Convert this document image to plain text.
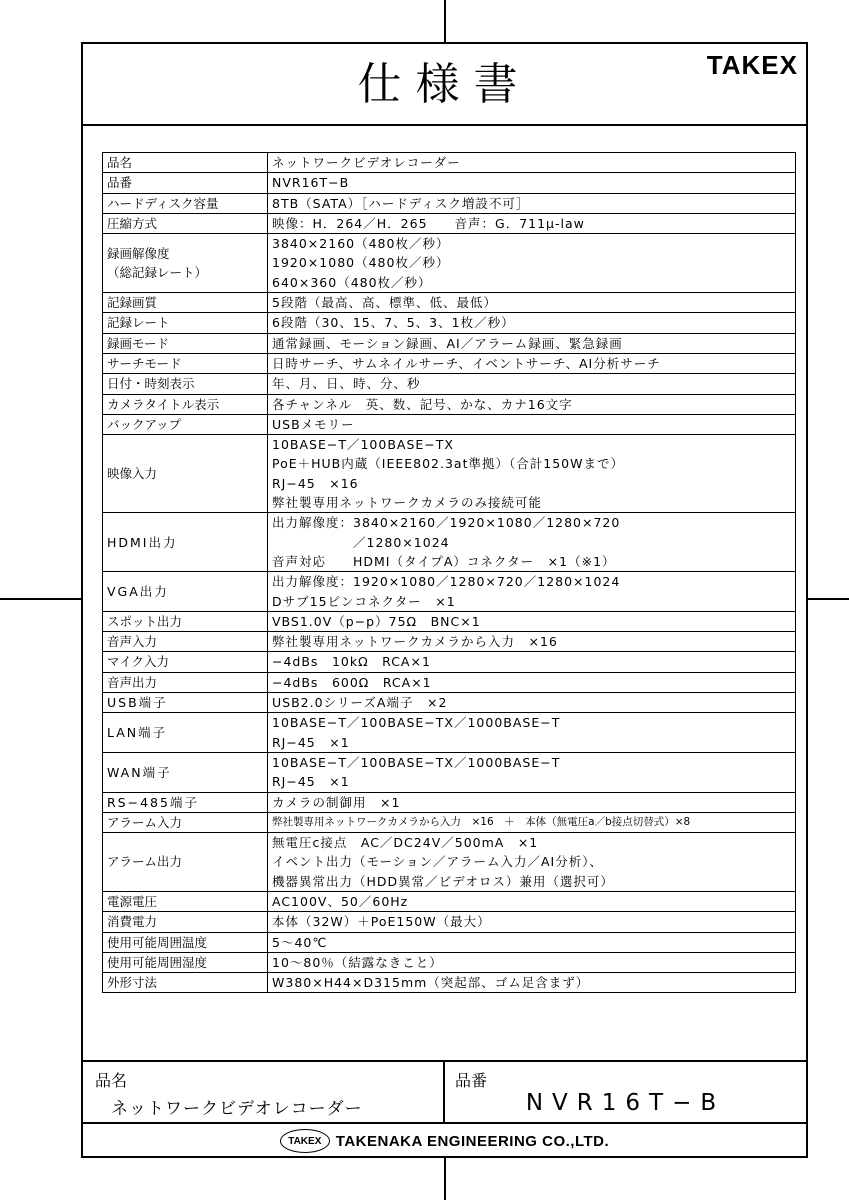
仕様書	TAKEX
品名	ネットワークビデオレコーダー

品番	NVR16T−B

ハードディスク容量	8TB（SATA）［ハードディスク増設不可］

圧縮方式	映像：H．264／H．265　　音声：G．711μ-law

録画解像度
（総記録レート）	3840×2160（480枚／秒）
1920×1080（480枚／秒）
640×360（480枚／秒）

記録画質	5段階（最高、高、標準、低、最低）

記録レート	6段階（30、15、7、5、3、1枚／秒）

録画モード	通常録画、モーション録画、AI／アラーム録画、緊急録画

サーチモード	日時サーチ、サムネイルサーチ、イベントサーチ、AI分析サーチ

日付・時刻表示	年、月、日、時、分、秒

カメラタイトル表示	各チャンネル　英、数、記号、かな、カナ16文字

バックアップ	USBメモリー

映像入力	10BASE−T／100BASE−TX
PoE＋HUB内蔵（IEEE802.3at準拠）（合計150Wまで）
RJ−45　×16
弊社製専用ネットワークカメラのみ接続可能

HDMI出力	出力解像度：3840×2160／1920×1080／1280×720
　　　　　　／1280×1024
音声対応　　HDMI（タイプA）コネクター　×1（※1）

VGA出力	出力解像度：1920×1080／1280×720／1280×1024
Dサブ15ピンコネクター　×1

スポット出力	VBS1.0V（p−p）75Ω　BNC×1

音声入力	弊社製専用ネットワークカメラから入力　×16

マイク入力	−4dBs　10kΩ　RCA×1

音声出力	−4dBs　600Ω　RCA×1

USB端子	USB2.0シリーズA端子　×2

LAN端子	10BASE−T／100BASE−TX／1000BASE−T
RJ−45　×1

WAN端子	10BASE−T／100BASE−TX／1000BASE−T
RJ−45　×1

RS−485端子	カメラの制御用　×1

アラーム入力	弊社製専用ネットワークカメラから入力　×16　＋　本体（無電圧a／b接点切替式）×8

アラーム出力	無電圧c接点　AC／DC24V／500mA　×1
イベント出力（モーション／アラーム入力／AI分析）、
機器異常出力（HDD異常／ビデオロス）兼用（選択可）

電源電圧	AC100V、50／60Hz

消費電力	本体（32W）＋PoE150W（最大）

使用可能周囲温度	5〜40℃

使用可能周囲湿度	10〜80％（結露なきこと）

外形寸法	W380×H44×D315mm（突起部、ゴム足含まず）
品名
ネットワークビデオレコーダー
品番
NVR16T−B
TAKEX TAKENAKA ENGINEERING CO.,LTD.
